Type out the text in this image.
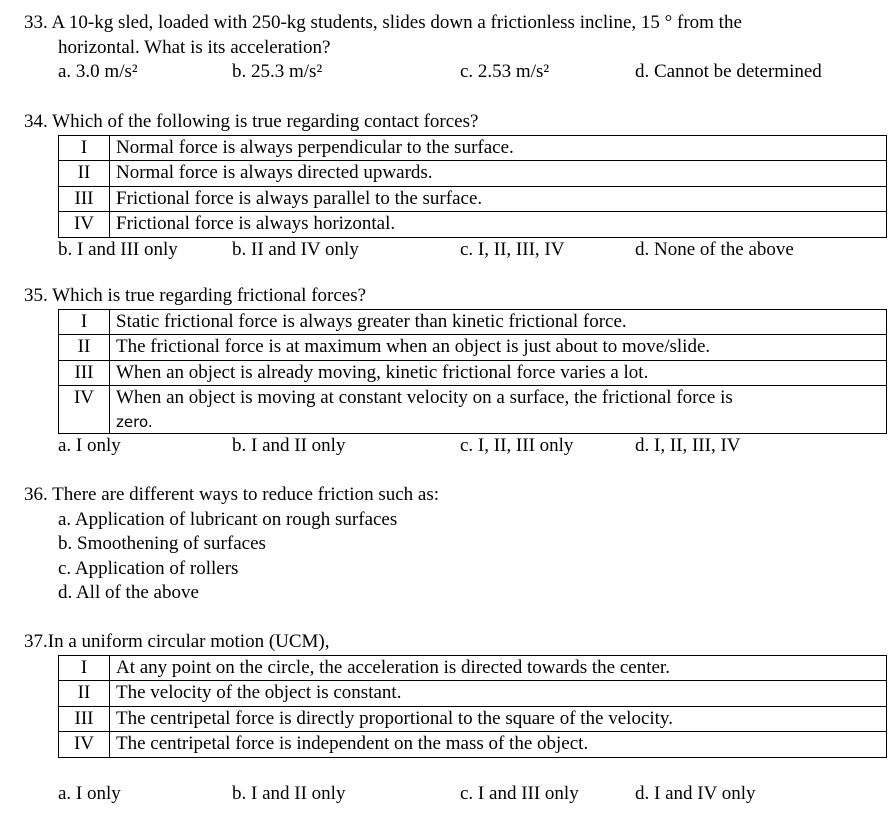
33. A 10-kg sled, loaded with 250-kg students, slides down a frictionless incline, 15 ° from the
horizontal. What is its acceleration?
a. 3.0 m/s²	b. 25.3 m/s²	c. 2.53 m/s²	d. Cannot be determined
34. Which of the following is true regarding contact forces?
I	Normal force is always perpendicular to the surface.
II	Normal force is always directed upwards.
III	Frictional force is always parallel to the surface.
IV	Frictional force is always horizontal.
b. I and III only	b. II and IV only	c. I, II, III, IV	d. None of the above
35. Which is true regarding frictional forces?
I	Static frictional force is always greater than kinetic frictional force.
II	The frictional force is at maximum when an object is just about to move/slide.
III	When an object is already moving, kinetic frictional force varies a lot.
IV	When an object is moving at constant velocity on a surface, the frictional force is
zero.
a. I only	b. I and II only	c. I, II, III only	d. I, II, III, IV
36. There are different ways to reduce friction such as:
a. Application of lubricant on rough surfaces
b. Smoothening of surfaces
c. Application of rollers
d. All of the above
37.In a uniform circular motion (UCM),
I	At any point on the circle, the acceleration is directed towards the center.
II	The velocity of the object is constant.
III	The centripetal force is directly proportional to the square of the velocity.
IV	The centripetal force is independent on the mass of the object.
a. I only	b. I and II only	c. I and III only	d. I and IV only
